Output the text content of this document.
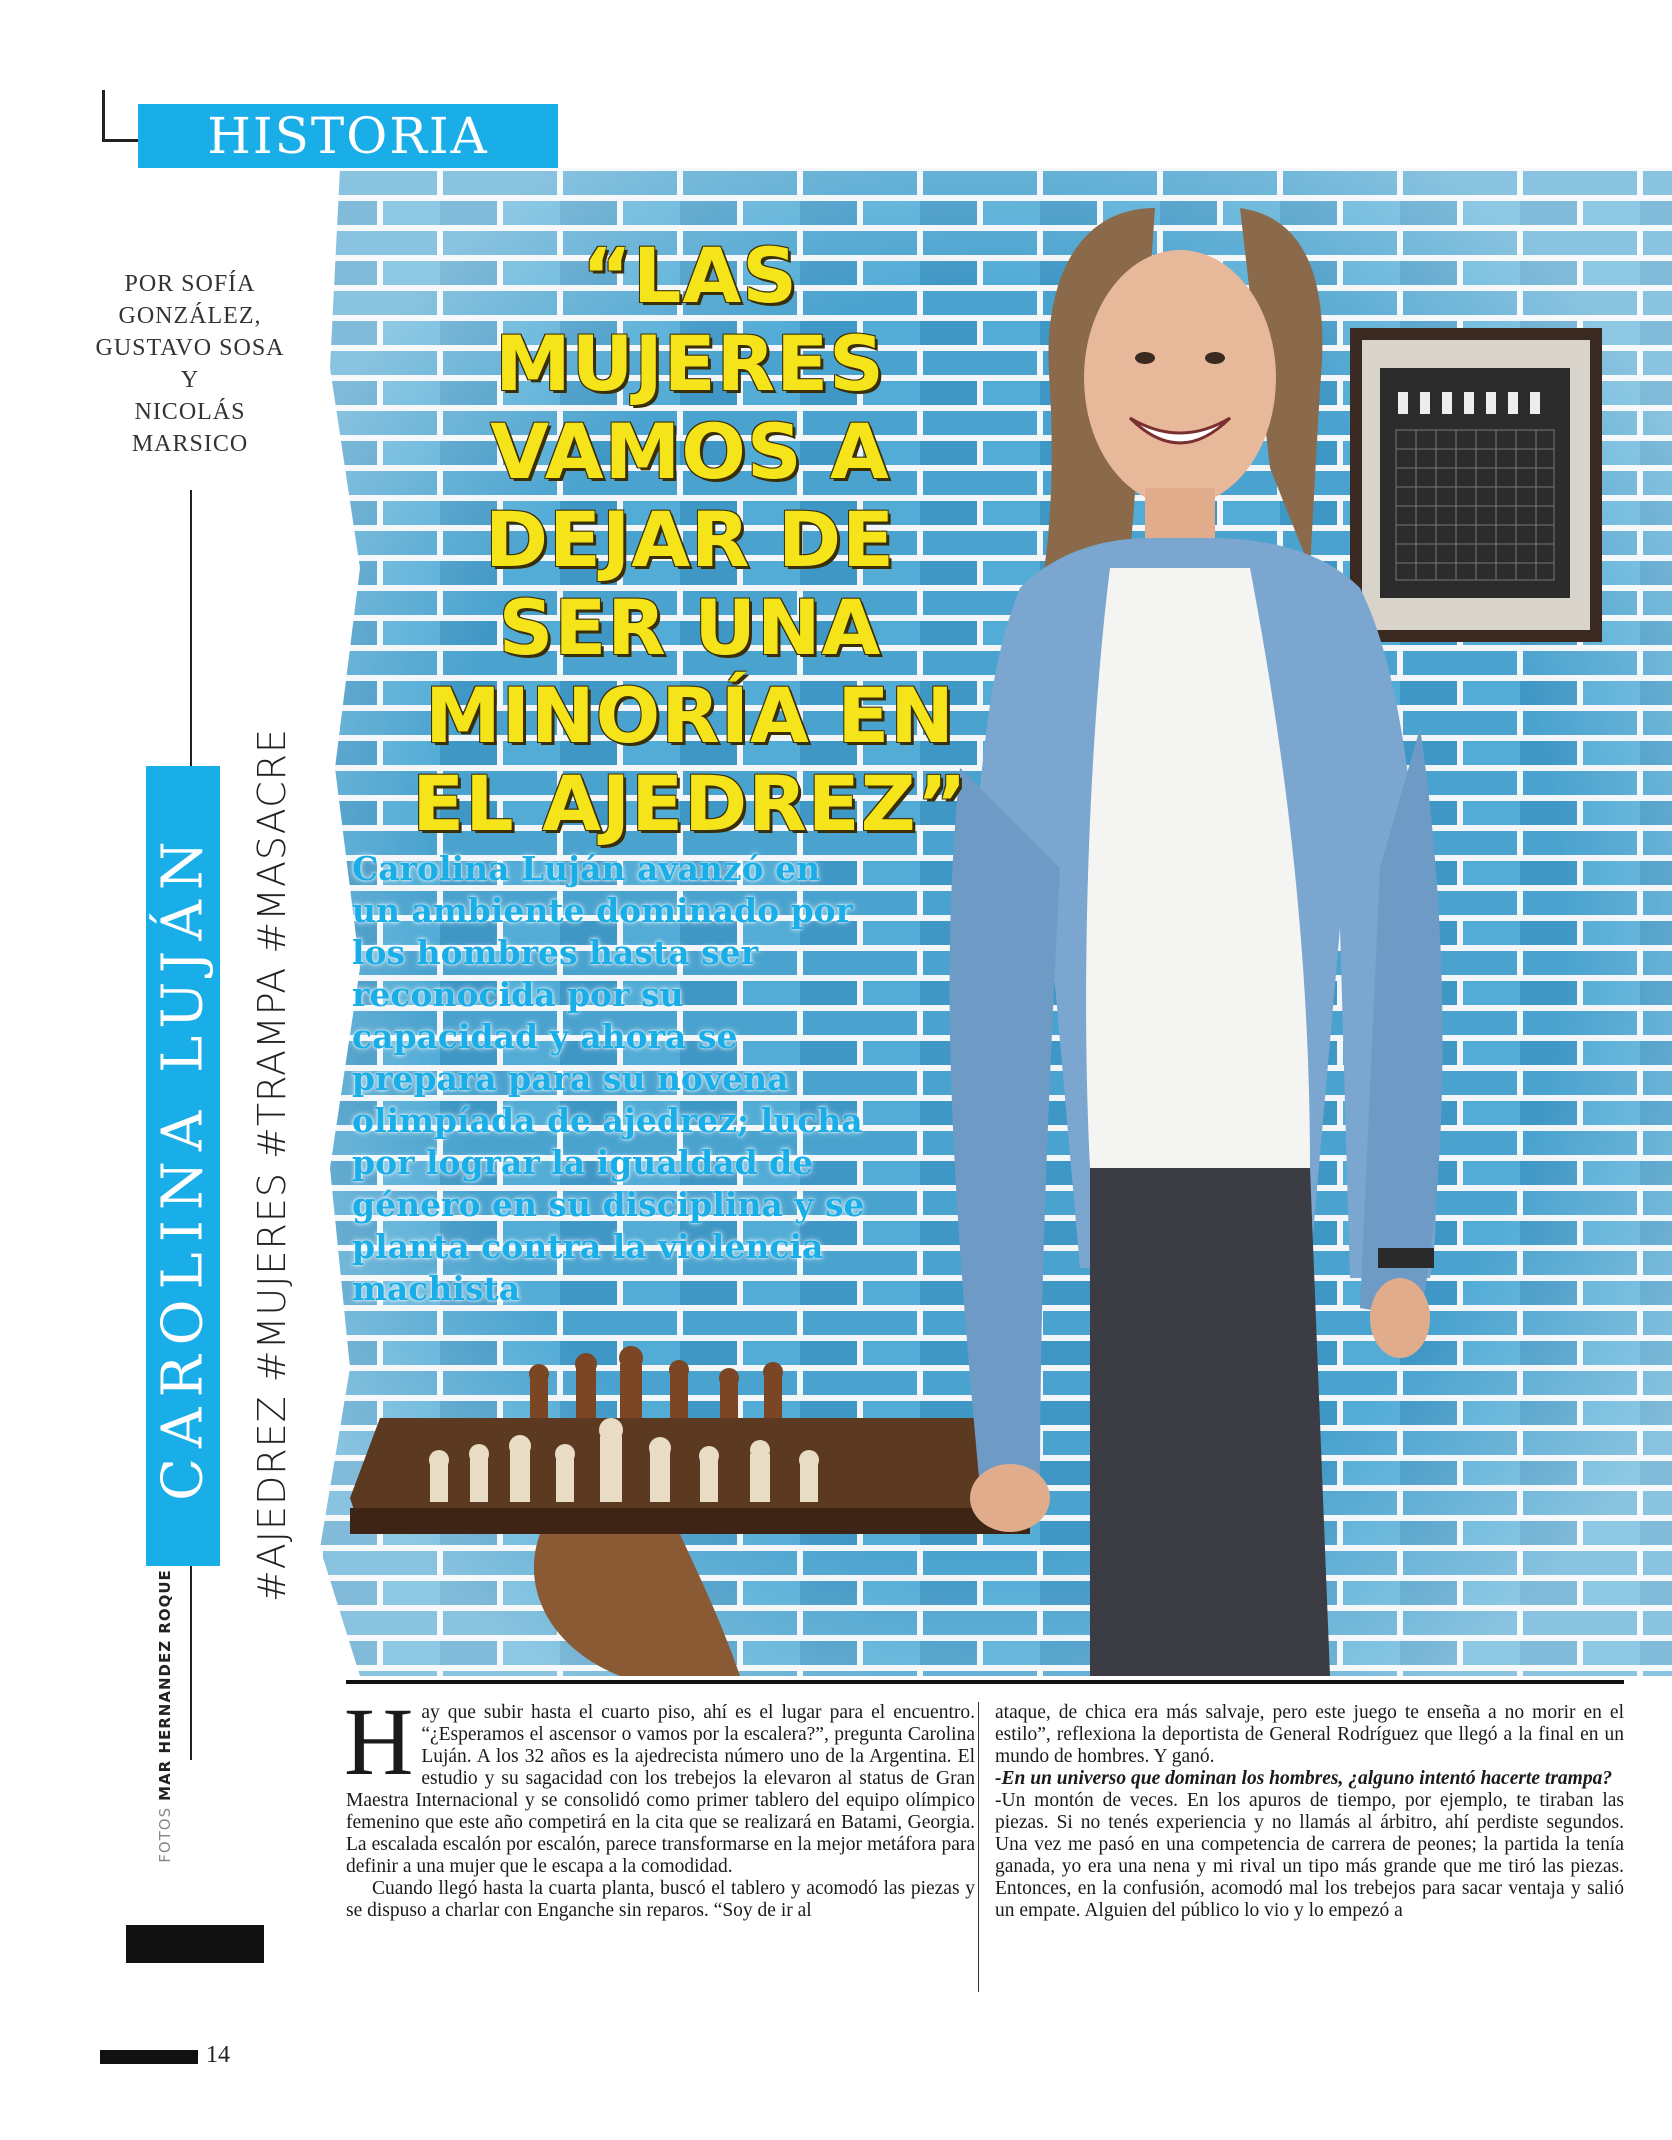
HISTORIA
POR SOFÍA
GONZÁLEZ,
GUSTAVO SOSA
Y
NICOLÁS
MARSICO
CAROLINA LUJÁN #AJEDREZ #MUJERES #TRAMPA #MASACRE
FOTOSMAR HERNANDEZ ROQUE
“LAS MUJERES VAMOS A DEJAR DE SER UNA MINORÍA EN EL AJEDREZ”
Carolina Luján avanzó en un ambiente dominado por los hombres hasta ser reconocida por su capacidad y ahora se prepara para su novena olimpíada de ajedrez; lucha por lograr la igualdad de género en su disciplina y se planta contra la violencia machista

Hay que subir hasta el cuarto piso, ahí es el lugar para el encuentro. “¿Esperamos el ascensor o vamos por la escalera?”, pregunta Carolina Luján. A los 32 años es la ajedrecista número uno de la Argentina. El estudio y su sagacidad con los trebejos la elevaron al status de Gran Maestra Internacional y se consolidó como primer tablero del equipo olímpico femenino que este año competirá en la cita que se realizará en Batami, Georgia. La escalada escalón por escalón, parece transformarse en la mejor metáfora para definir a una mujer que le escapa a la comodidad.

Cuando llegó hasta la cuarta planta, buscó el tablero y acomodó las piezas y se dispuso a charlar con Enganche sin reparos. “Soy de ir al

ataque, de chica era más salvaje, pero este juego te enseña a no morir en el estilo”, reflexiona la deportista de General Rodríguez que llegó a la final en un mundo de hombres. Y ganó.

-En un universo que dominan los hombres, ¿alguno intentó hacerte trampa?

-Un montón de veces. En los apuros de tiempo, por ejemplo, te tiraban las piezas. Si no tenés experiencia y no llamás al árbitro, ahí perdiste segundos. Una vez me pasó en una competencia de carrera de peones; la partida la tenía ganada, yo era una nena y mi rival un tipo más grande que me tiró las piezas. Entonces, en la confusión, acomodó mal los trebejos para sacar ventaja y salió un empate. Alguien del público lo vio y lo empezó a

14
